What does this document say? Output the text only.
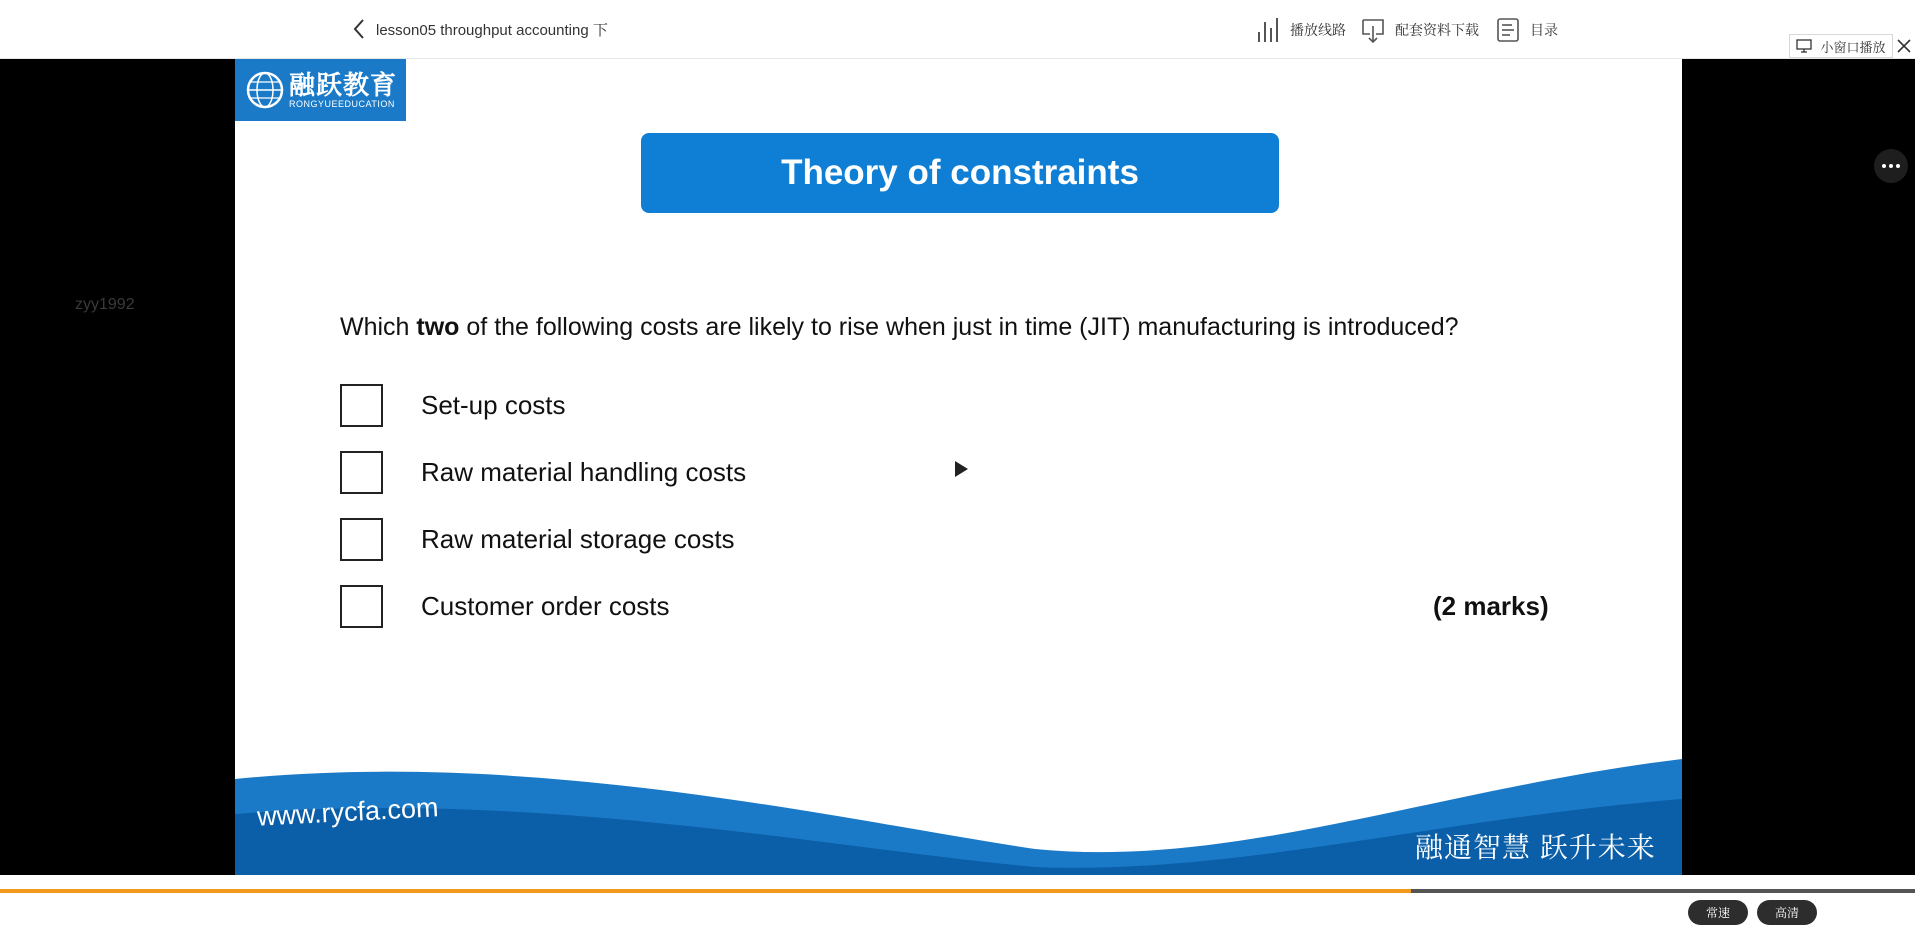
lesson05 throughput accounting 下	播放线路	配套资料下载	目录
小窗口播放
融跃教育
RONGYUEEDUCATION
Theory of constraints
Which two of the following costs are likely to rise when just in time (JIT) manufacturing is introduced?
Set-up costs
Raw material handling costs
Raw material storage costs
Customer order costs	(2 marks)
www.rycfa.com
融通智慧 跃升未来
zyy1992
10:25 / 14:08	常速	高清
